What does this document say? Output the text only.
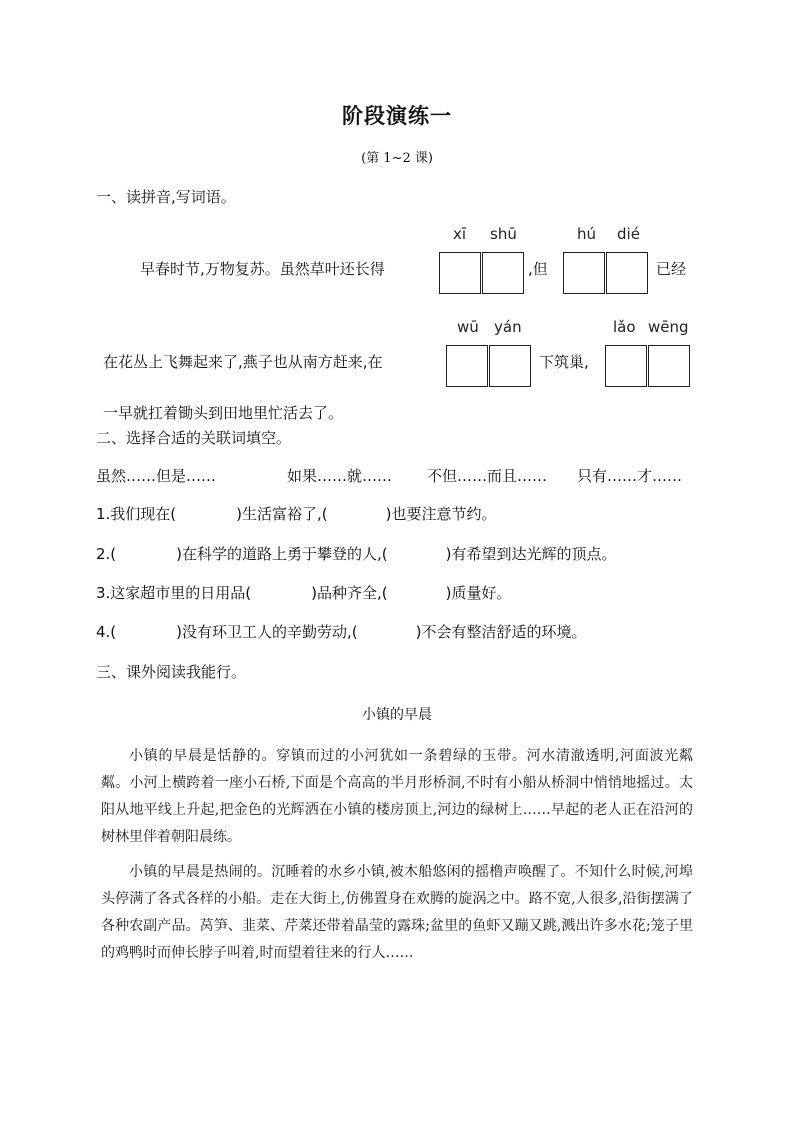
阶段演练一
(第 1~2 课)
一、读拼音,写词语。
xī shū	hú dié
早春时节,万物复苏。虽然草叶还长得	,但	已经
wū yán	lǎo wēng
在花丛上飞舞起来了,燕子也从南方赶来,在	下筑巢,
一早就扛着锄头到田地里忙活去了。
二、选择合适的关联词填空。
虽然……但是……	如果……就…… 不但……而且…… 只有……才……
1.我们现在(	)生活富裕了,(	)也要注意节约。
2.(	)在科学的道路上勇于攀登的人,(	)有希望到达光辉的顶点。
3.这家超市里的日用品(	)品种齐全,(	)质量好。
4.(	)没有环卫工人的辛勤劳动,(	)不会有整洁舒适的环境。
三、课外阅读我能行。
小镇的早晨
小镇的早晨是恬静的。穿镇而过的小河犹如一条碧绿的玉带。河水清澈透明,河面波光粼粼。小河上横跨着一座小石桥,下面是个高高的半月形桥洞,不时有小船从桥洞中悄悄地摇过。太阳从地平线上升起,把金色的光辉洒在小镇的楼房顶上,河边的绿树上……早起的老人正在沿河的树林里伴着朝阳晨练。
小镇的早晨是热闹的。沉睡着的水乡小镇,被木船悠闲的摇橹声唤醒了。不知什么时候,河埠头停满了各式各样的小船。走在大街上,仿佛置身在欢腾的旋涡之中。路不宽,人很多,沿街摆满了各种农副产品。莴笋、韭菜、芹菜还带着晶莹的露珠;盆里的鱼虾又蹦又跳,溅出许多水花;笼子里的鸡鸭时而伸长脖子叫着,时而望着往来的行人……
